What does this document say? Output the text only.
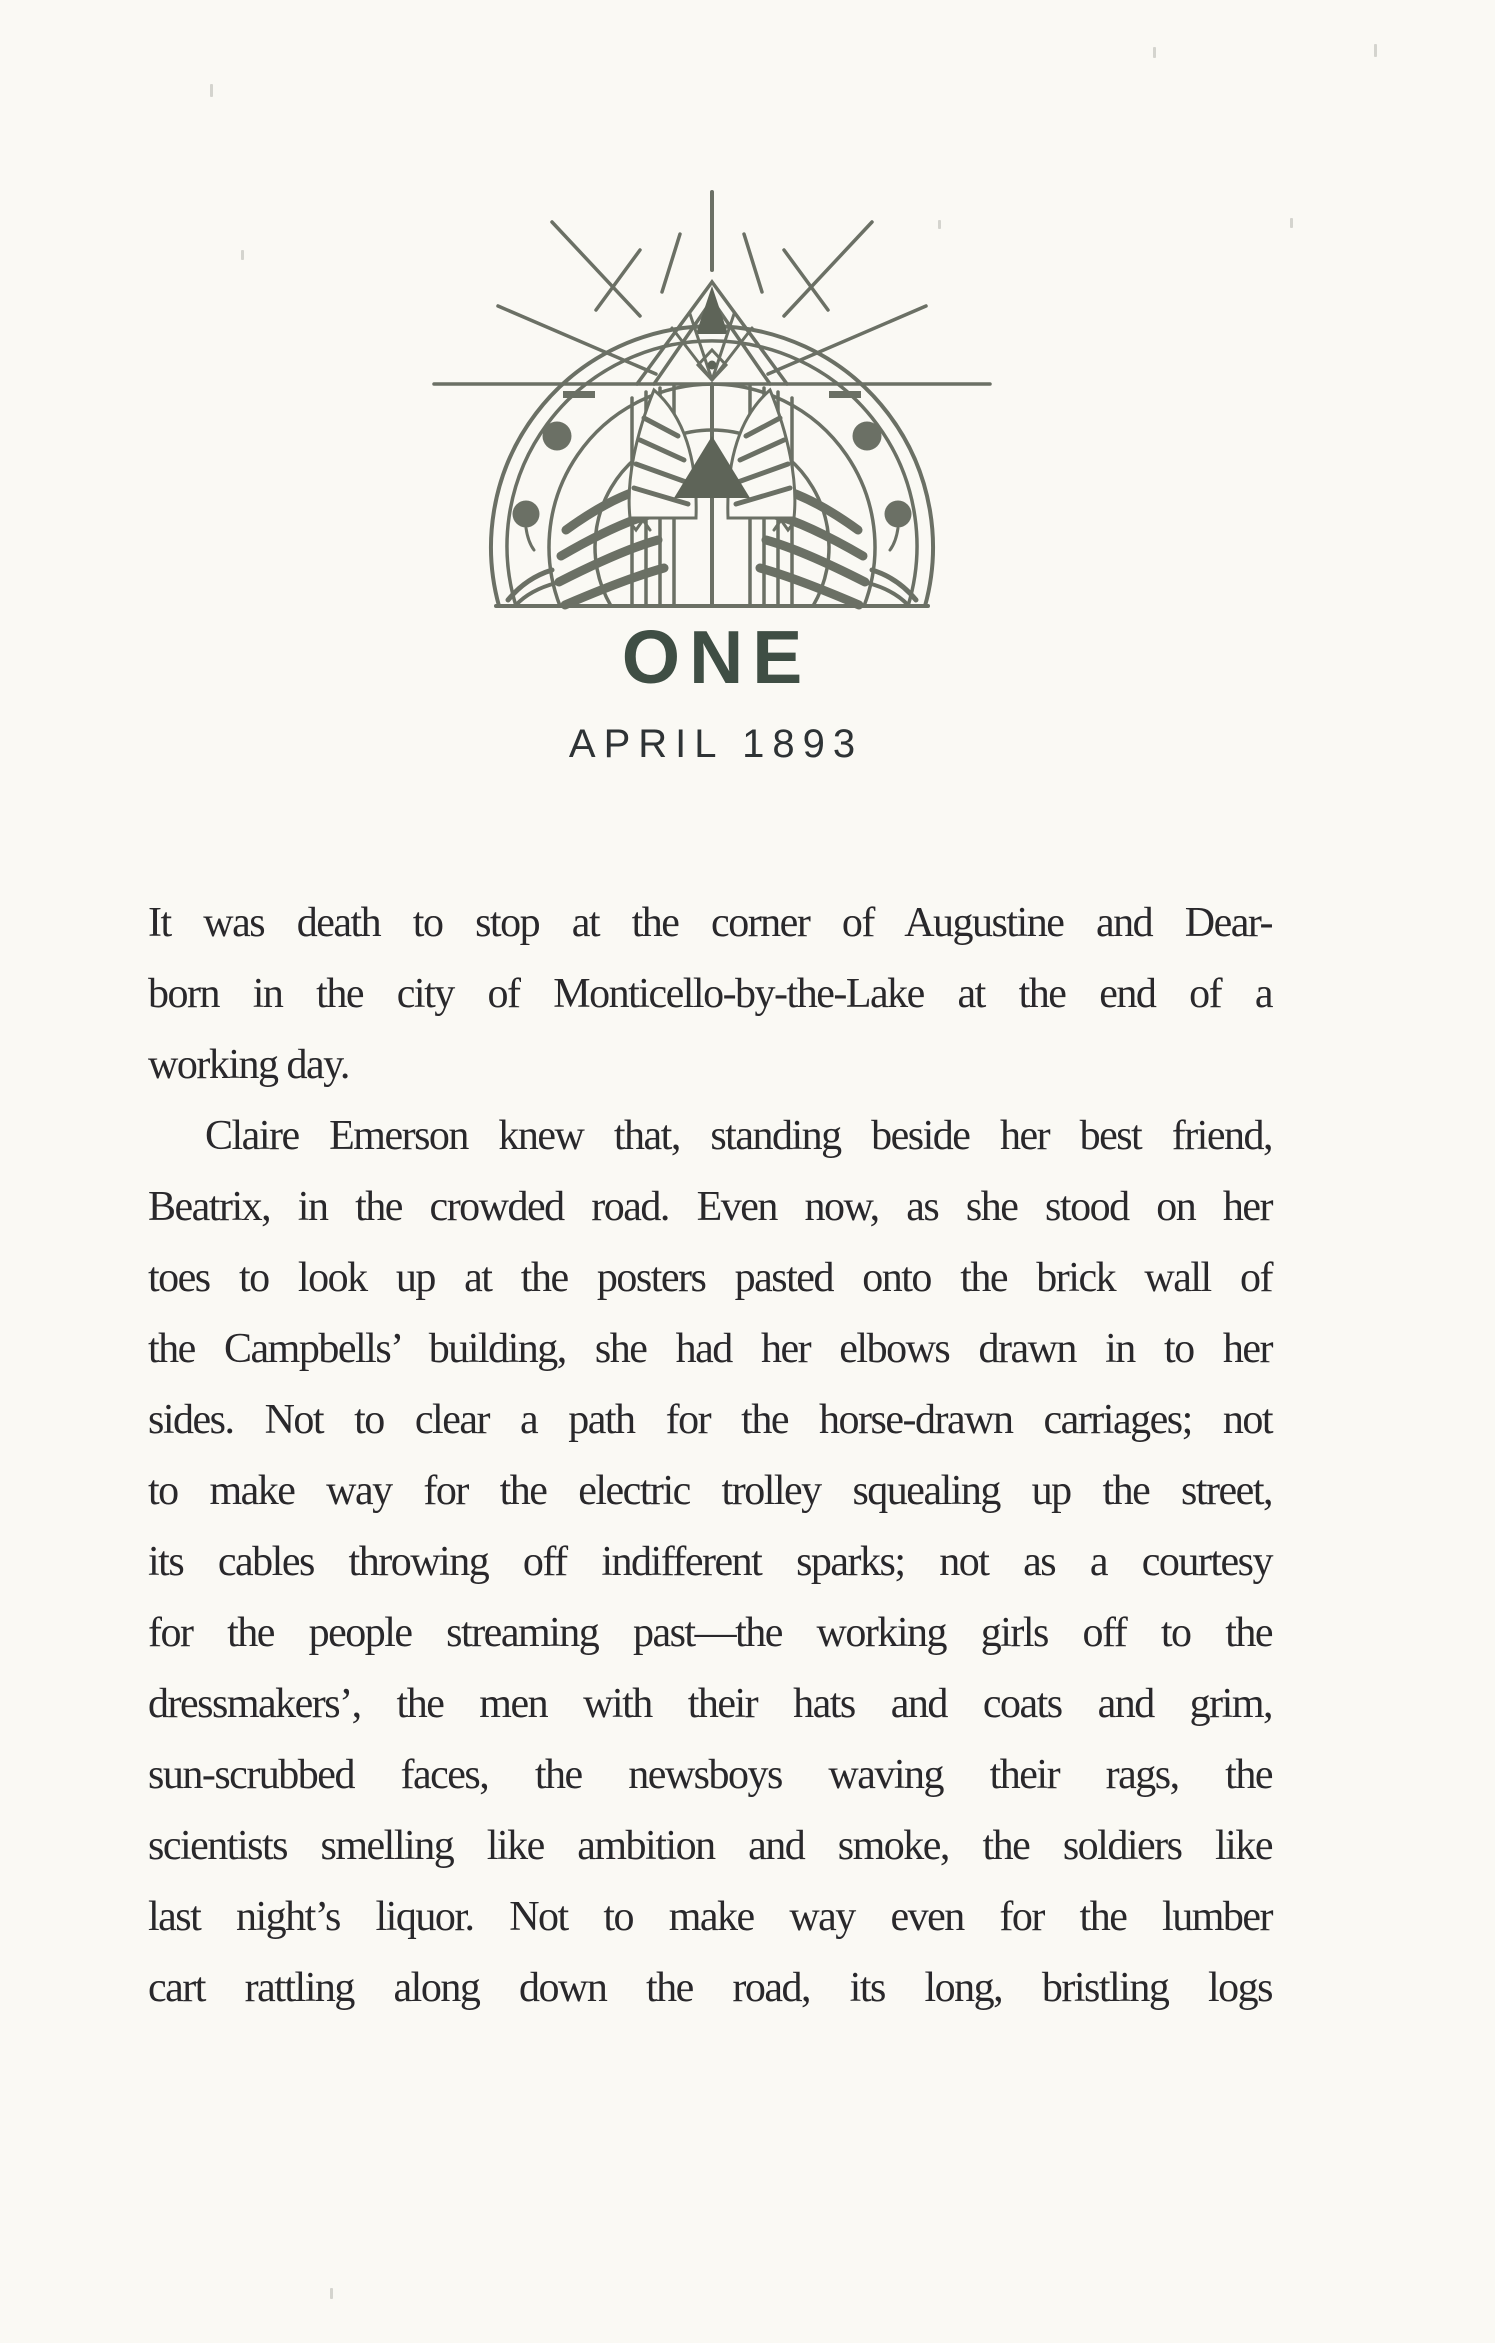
ONE
APRIL 1893
It was death to stop at the corner of Augustine and Dear-
born in the city of Monticello-by-the-Lake at the end of a
working day.
Claire Emerson knew that, standing beside her best friend,
Beatrix, in the crowded road. Even now, as she stood on her
toes to look up at the posters pasted onto the brick wall of
the Campbells’ building, she had her elbows drawn in to her
sides. Not to clear a path for the horse-drawn carriages; not
to make way for the electric trolley squealing up the street,
its cables throwing off indifferent sparks; not as a courtesy
for the people streaming past—the working girls off to the
dressmakers’, the men with their hats and coats and grim,
sun-scrubbed faces, the newsboys waving their rags, the
scientists smelling like ambition and smoke, the soldiers like
last night’s liquor. Not to make way even for the lumber
cart rattling along down the road, its long, bristling logs
